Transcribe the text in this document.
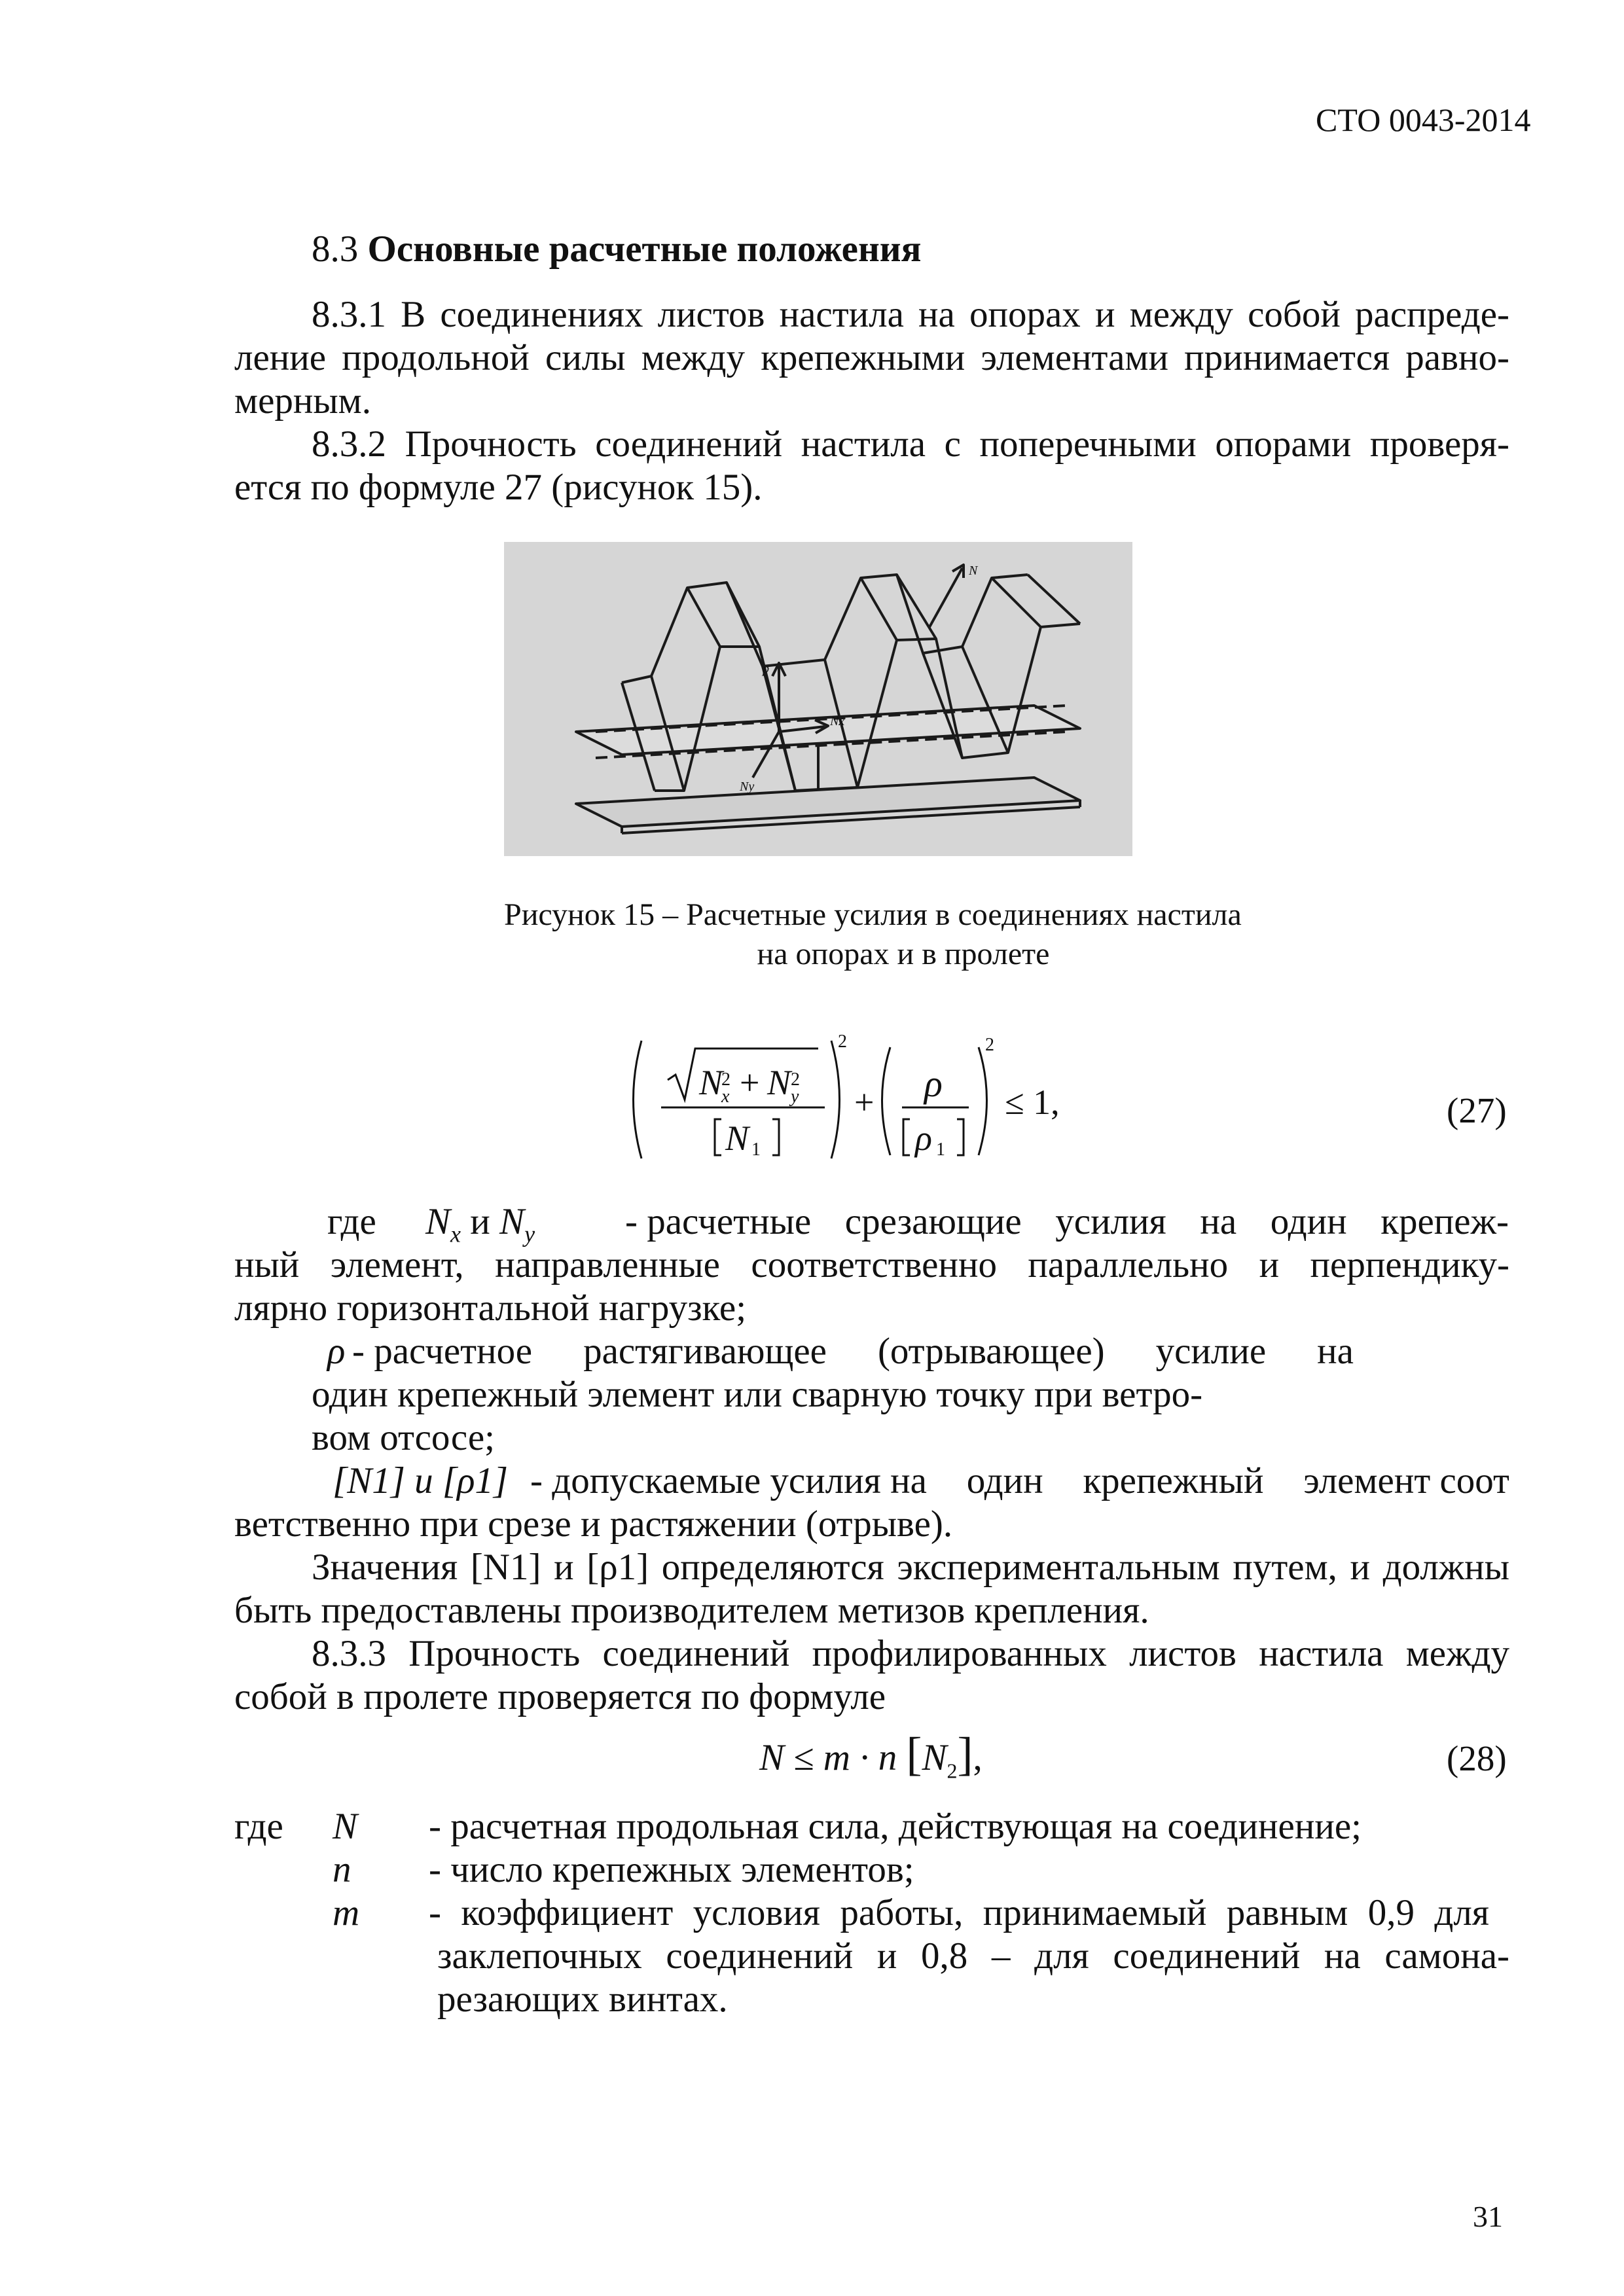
СТО 0043-2014
8.3 Основные расчетные положения
8.3.1 В соединениях листов настила на опорах и между собой распреде-
ление продольной силы между крепежными элементами принимается равно-
мерным.
8.3.2 Прочность соединений настила с поперечными опорами проверя-
ется по формуле 27 (рисунок 15).
p
Nx
Ny
N
Рисунок 15 – Расчетные усилия в соединениях настила
на опорах и в пролете
N
2
x + N 2
y
N 1
2
+ ρ
ρ 1
2
≤ 1,	(27)
где $N_x$ и $N_y$ - расчетные срезающие усилия на один крепеж-
ный элемент, направленные соответственно параллельно и перпендику-
лярно горизонтальной нагрузке;
ρ - расчетное растягивающее (отрывающее) усилие на
один крепежный элемент или сварную точку при ветро-
вом отсосе;
[N1] и [ρ1] - допускаемые усилия на один крепежный элемент соот
ветственно при срезе и растяжении (отрыве).
Значения [N1] и [ρ1] определяются экспериментальным путем, и должны
быть предоставлены производителем метизов крепления.
8.3.3 Прочность соединений профилированных листов настила между
собой в пролете проверяется по формуле
N ≤ m · n $[N_2]$,	(28)
где N - расчетная продольная сила, действующая на соединение;
n - число крепежных элементов;
m - коэффициент условия работы, принимаемый равным 0,9 для
заклепочных соединений и 0,8 – для соединений на самона-
резающих винтах.
31
